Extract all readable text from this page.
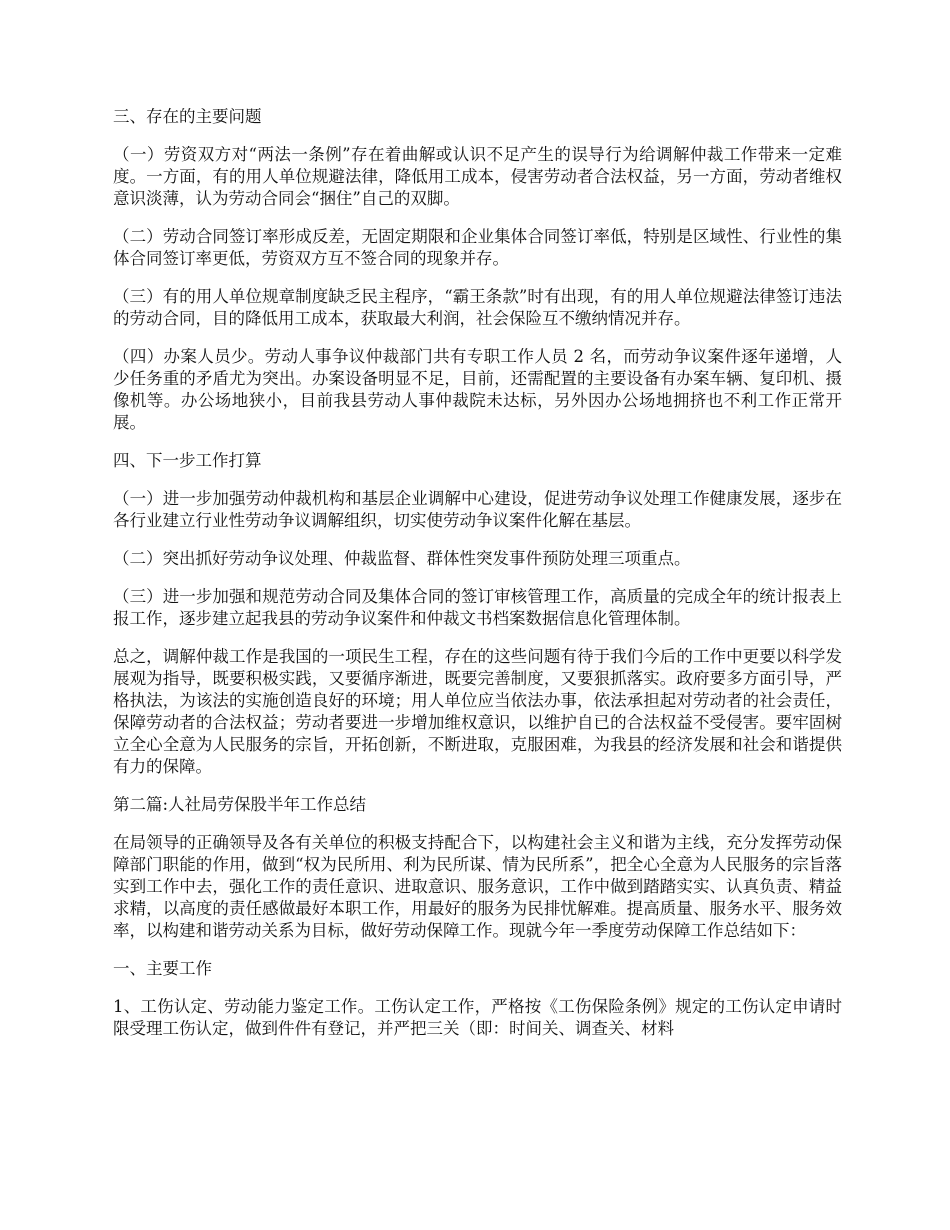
三、存在的主要问题
（一）劳资双方对“两法一条例”存在着曲解或认识不足产生的误导行为给调解仲裁工作带来一定难度。一方面，有的用人单位规避法律，降低用工成本，侵害劳动者合法权益，另一方面，劳动者维权意识淡薄，认为劳动合同会“捆住”自己的双脚。
（二）劳动合同签订率形成反差，无固定期限和企业集体合同签订率低，特别是区域性、行业性的集体合同签订率更低，劳资双方互不签合同的现象并存。
（三）有的用人单位规章制度缺乏民主程序，“霸王条款”时有出现，有的用人单位规避法律签订违法的劳动合同，目的降低用工成本，获取最大利润，社会保险互不缴纳情况并存。
（四）办案人员少。劳动人事争议仲裁部门共有专职工作人员 2 名，而劳动争议案件逐年递增，人少任务重的矛盾尤为突出。办案设备明显不足，目前，还需配置的主要设备有办案车辆、复印机、摄像机等。办公场地狭小，目前我县劳动人事仲裁院未达标，另外因办公场地拥挤也不利工作正常开展。
四、下一步工作打算
（一）进一步加强劳动仲裁机构和基层企业调解中心建设，促进劳动争议处理工作健康发展，逐步在各行业建立行业性劳动争议调解组织，切实使劳动争议案件化解在基层。
（二）突出抓好劳动争议处理、仲裁监督、群体性突发事件预防处理三项重点。
（三）进一步加强和规范劳动合同及集体合同的签订审核管理工作，高质量的完成全年的统计报表上报工作，逐步建立起我县的劳动争议案件和仲裁文书档案数据信息化管理体制。
总之，调解仲裁工作是我国的一项民生工程，存在的这些问题有待于我们今后的工作中更要以科学发展观为指导，既要积极实践，又要循序渐进，既要完善制度，又要狠抓落实。政府要多方面引导，严格执法，为该法的实施创造良好的环境；用人单位应当依法办事，依法承担起对劳动者的社会责任，保障劳动者的合法权益；劳动者要进一步增加维权意识，以维护自已的合法权益不受侵害。要牢固树立全心全意为人民服务的宗旨，开拓创新，不断进取，克服困难，为我县的经济发展和社会和谐提供有力的保障。
第二篇:人社局劳保股半年工作总结
在局领导的正确领导及各有关单位的积极支持配合下，以构建社会主义和谐为主线，充分发挥劳动保障部门职能的作用，做到“权为民所用、利为民所谋、情为民所系”，把全心全意为人民服务的宗旨落实到工作中去，强化工作的责任意识、进取意识、服务意识，工作中做到踏踏实实、认真负责、精益求精，以高度的责任感做最好本职工作，用最好的服务为民排忧解难。提高质量、服务水平、服务效率，以构建和谐劳动关系为目标，做好劳动保障工作。现就今年一季度劳动保障工作总结如下：
一、主要工作
1、工伤认定、劳动能力鉴定工作。工伤认定工作，严格按《工伤保险条例》规定的工伤认定申请时限受理工伤认定，做到件件有登记，并严把三关（即：时间关、调查关、材料
